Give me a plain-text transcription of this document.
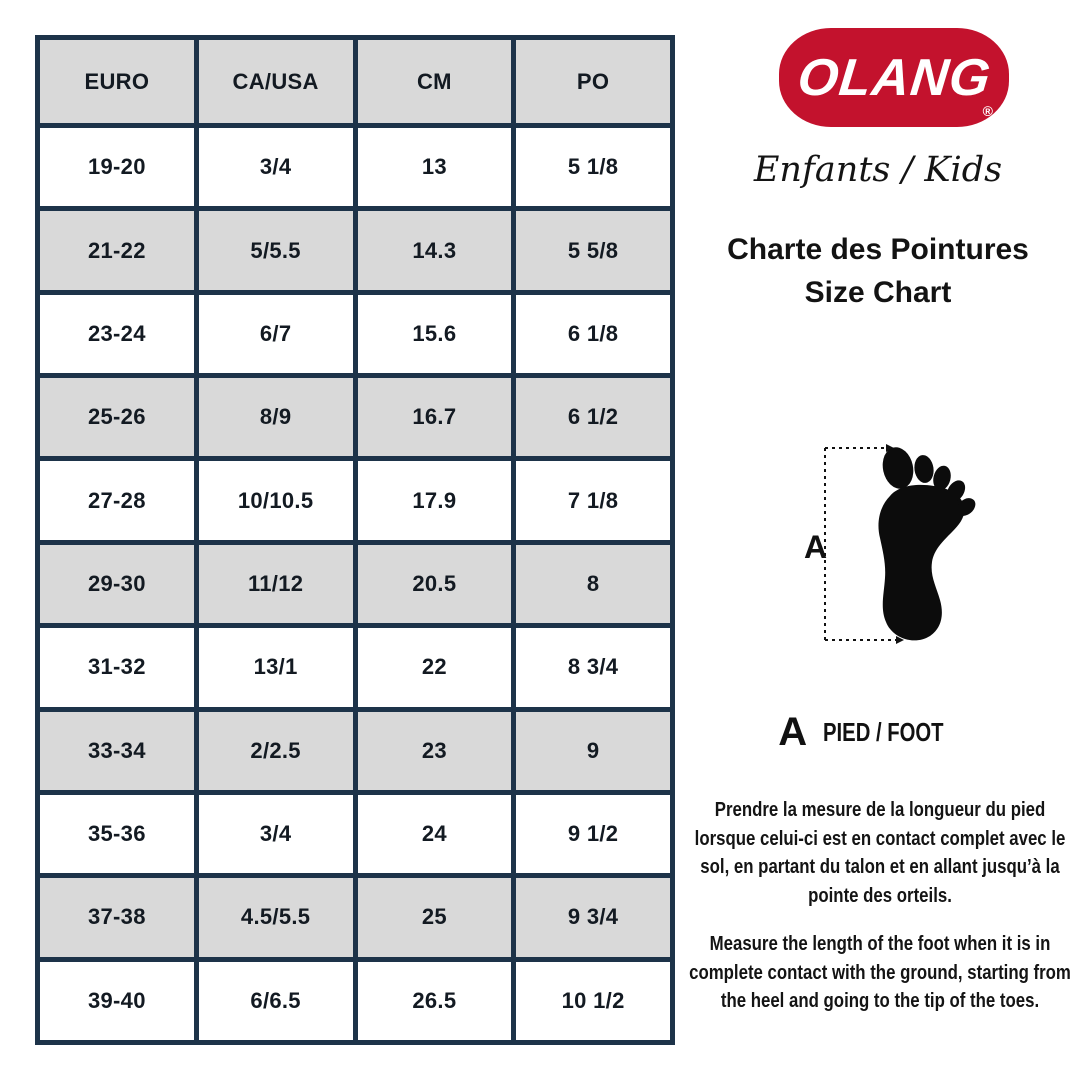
EURO	CA/USA	CM	PO
19-20	3/4	13	5 1/8
21-22	5/5.5	14.3	5 5/8
23-24	6/7	15.6	6 1/8
25-26	8/9	16.7	6 1/2
27-28	10/10.5	17.9	7 1/8
29-30	11/12	20.5	8
31-32	13/1	22	8 3/4
33-34	2/2.5	23	9
35-36	3/4	24	9 1/2
37-38	4.5/5.5	25	9 3/4
39-40	6/6.5	26.5	10 1/2
OLANG
®
Enfants / Kids
Charte des Pointures
Size Chart
A
A PIED / FOOT
Prendre la mesure de la longueur du pied lorsque celui-ci est en contact complet avec le sol, en partant du talon et en allant jusqu’à la pointe des orteils.
Measure the length of the foot when it is in complete contact with the ground, starting from the heel and going to the tip of the toes.
